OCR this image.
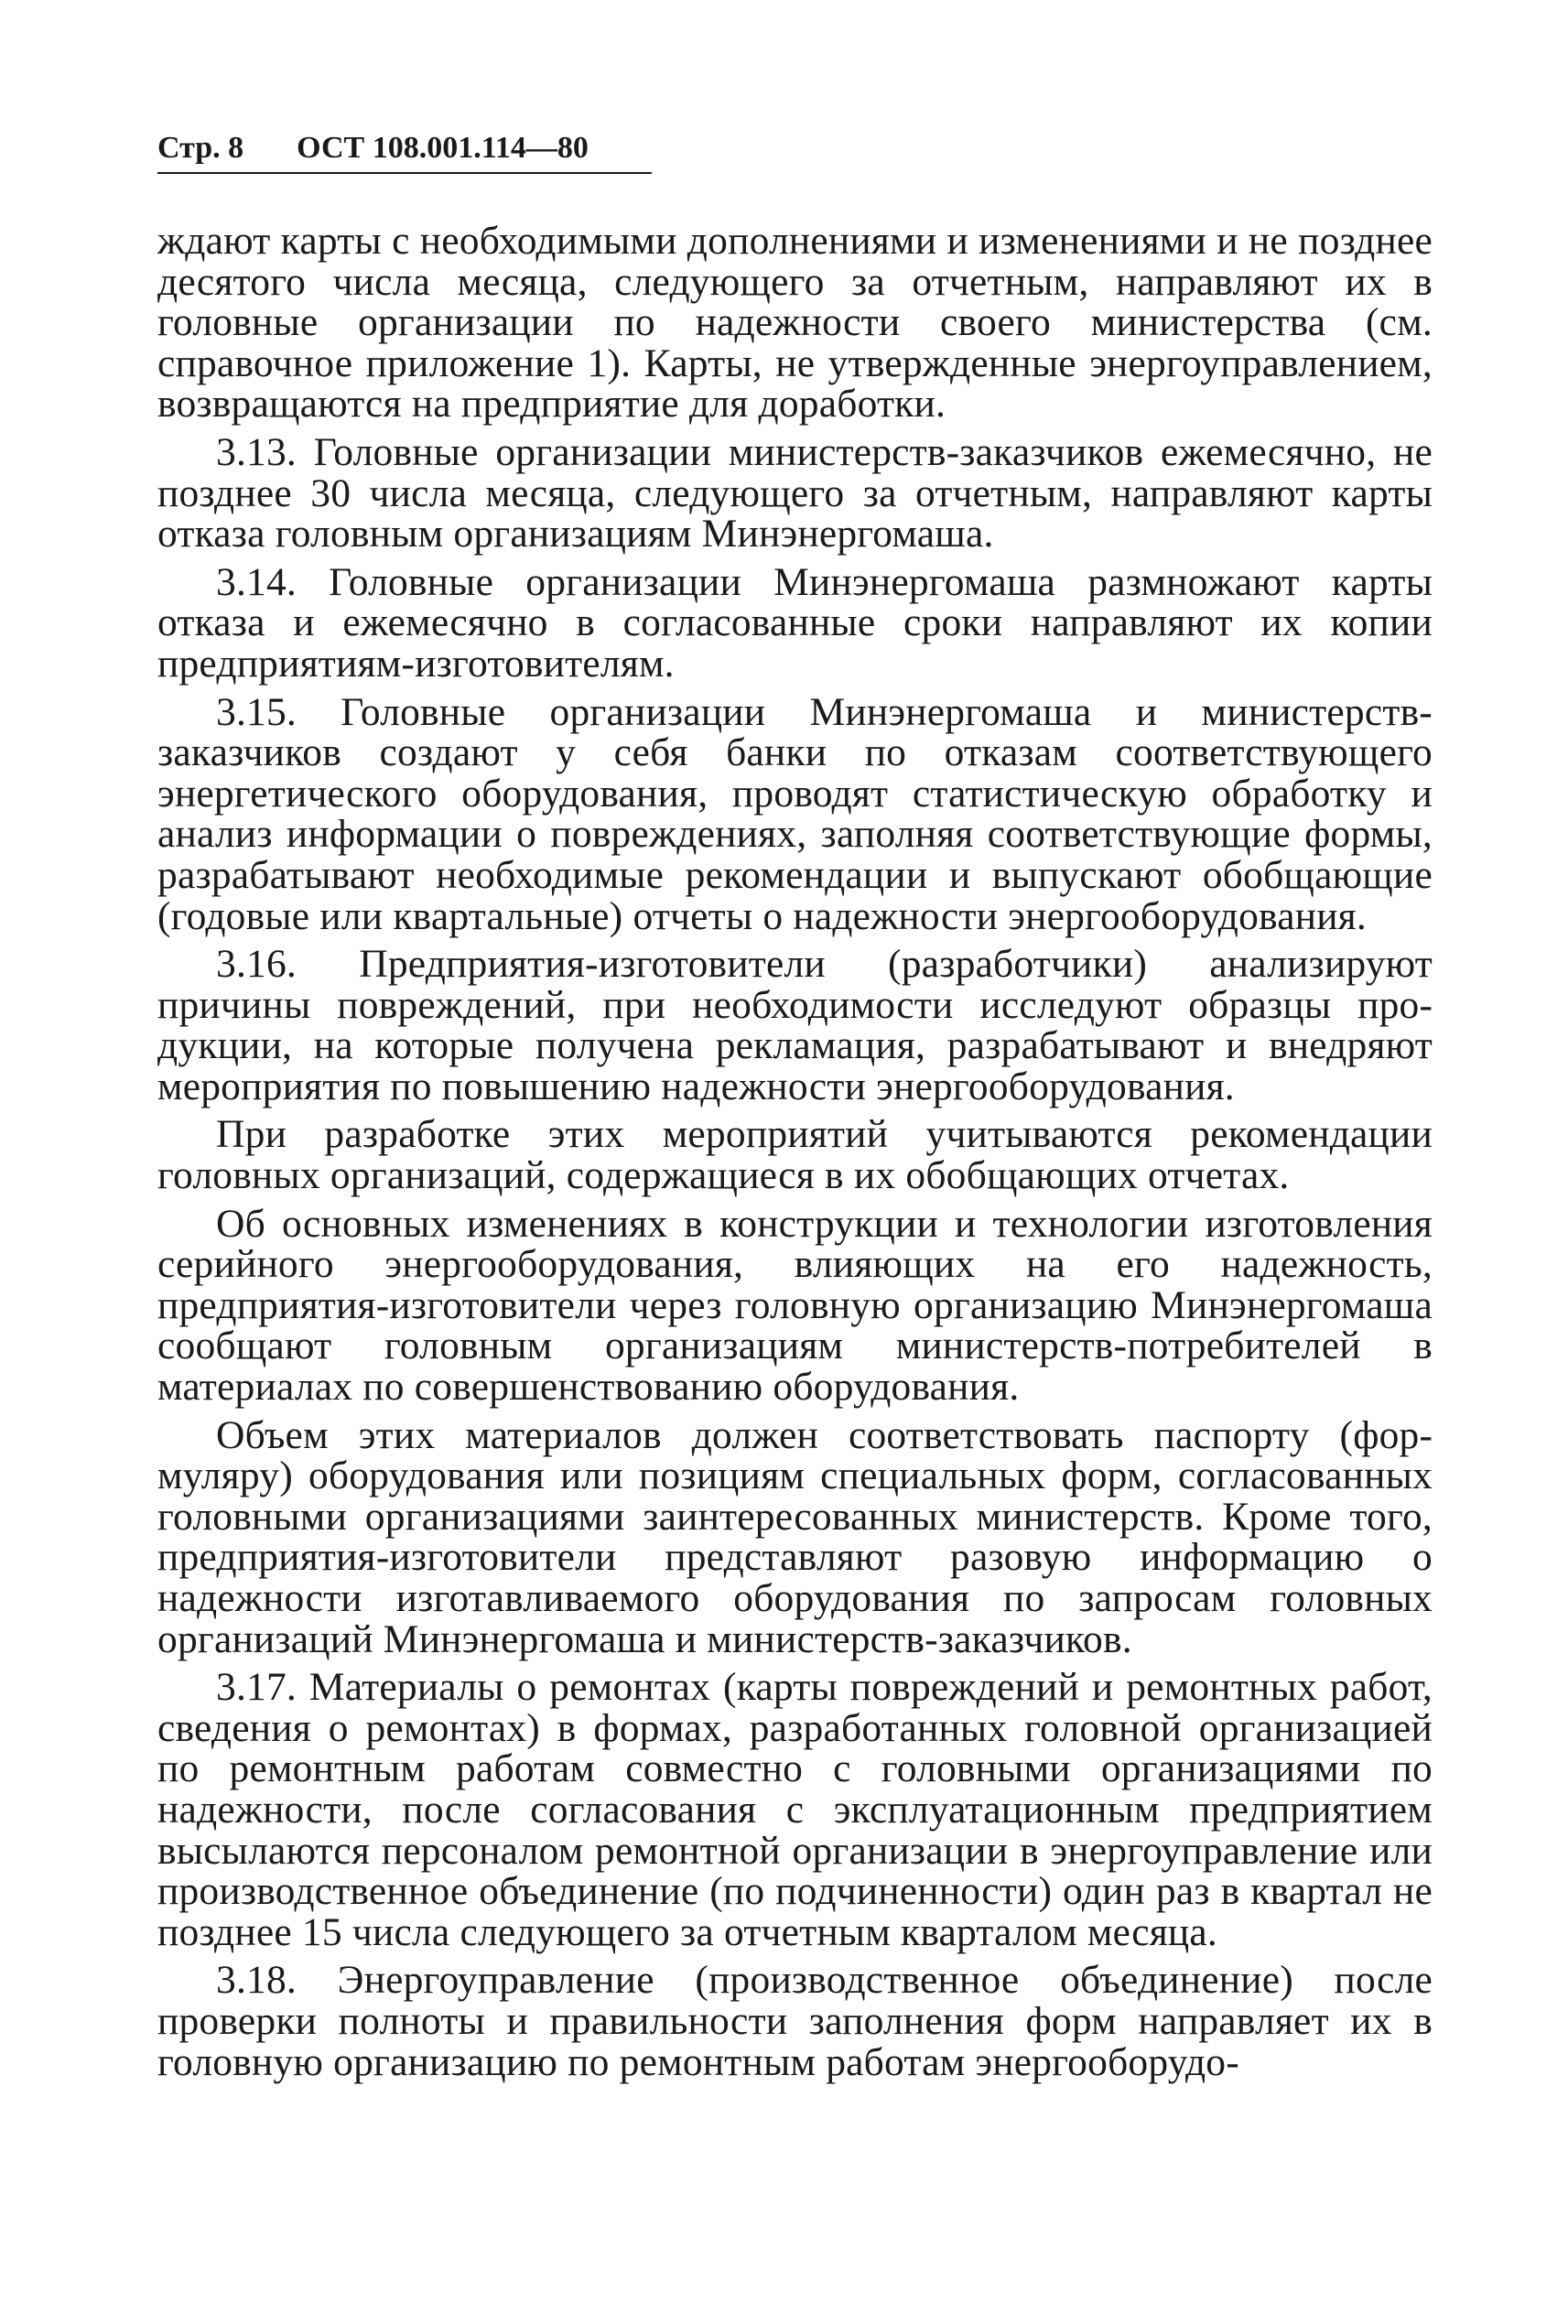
Стр. 8 ОСТ 108.001.114—80

ждают карты с необходимыми дополнениями и изменениями и не позднее десятого числа месяца, следующего за отчетным, направляют их в головные организации по надежности своего министерства (см. справочное приложение 1). Карты, не утвержденные энергоуправлением, возвращаются на предприятие для доработки.

3.13. Головные организации министерств-заказчиков ежемесячно, не позднее 30 числа месяца, следующего за отчетным, направляют карты отказа головным организациям Минэнергомаша.

3.14. Головные организации Минэнергомаша размножают карты отказа и ежемесячно в согласованные сроки направляют их копии предприятиям-изготовителям.

3.15. Головные организации Минэнергомаша и министерств-заказчиков создают у себя банки по отказам соответствующего энергетического оборудования, проводят статистическую обработку и анализ информации о повреждениях, заполняя соответствующие формы, разрабатывают необходимые рекомендации и выпускают обобщающие (годовые или квартальные) отчеты о надежности энергооборудования.

3.16. Предприятия-изготовители (разработчики) анализируют причины повреждений, при необходимости исследуют образцы продукции, на которые получена рекламация, разрабатывают и внедряют мероприятия по повышению надежности энергооборудования.

При разработке этих мероприятий учитываются рекомендации головных организаций, содержащиеся в их обобщающих отчетах.

Об основных изменениях в конструкции и технологии изготовления серийного энергооборудования, влияющих на его надежность, предприятия-изготовители через головную организацию Минэнергомаша сообщают головным организациям министерств-потребителей в материалах по совершенствованию оборудования.

Объем этих материалов должен соответствовать паспорту (формуляру) оборудования или позициям специальных форм, согласованных головными организациями заинтересованных министерств. Кроме того, предприятия-изготовители представляют разовую информацию о надежности изготавливаемого оборудования по запросам головных организаций Минэнергомаша и министерств-заказчиков.

3.17. Материалы о ремонтах (карты повреждений и ремонтных работ, сведения о ремонтах) в формах, разработанных головной организацией по ремонтным работам совместно с головными организациями по надежности, после согласования с эксплуатационным предприятием высылаются персоналом ремонтной организации в энергоуправление или производственное объединение (по подчиненности) один раз в квартал не позднее 15 числа следующего за отчетным кварталом месяца.

3.18. Энергоуправление (производственное объединение) после проверки полноты и правильности заполнения форм направляет их в головную организацию по ремонтным работам энергооборудо-
